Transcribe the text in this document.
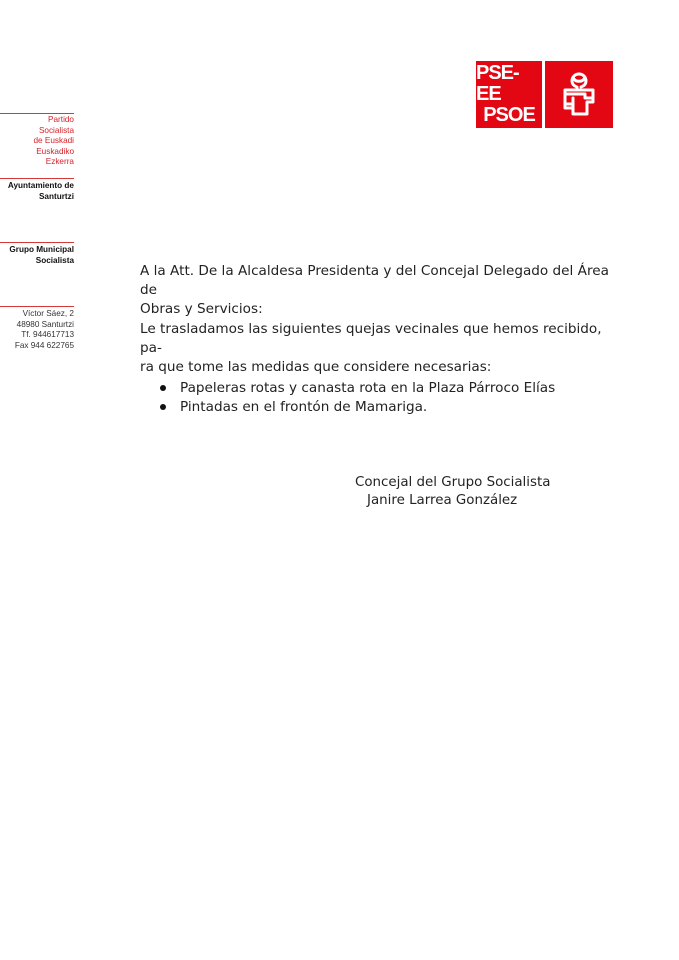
Partido
Socialista
de Euskadi
Euskadiko
Ezkerra
Ayuntamiento de
Santurtzi
Grupo Municipal
Socialista
Víctor Sáez, 2
48980 Santurtzi
Tf. 944617713
Fax 944 622765
PSE-EE
PSOE

A la Att. De la Alcaldesa Presidenta y del Concejal Delegado del Área de

Obras y Servicios:

Le trasladamos las siguientes quejas vecinales que hemos recibido, pa-

ra que tome las medidas que considere necesarias:

Papeleras rotas y canasta rota en la Plaza Párroco Elías
Pintadas en el frontón de Mamariga.
Concejal del Grupo Socialista
Janire Larrea González
